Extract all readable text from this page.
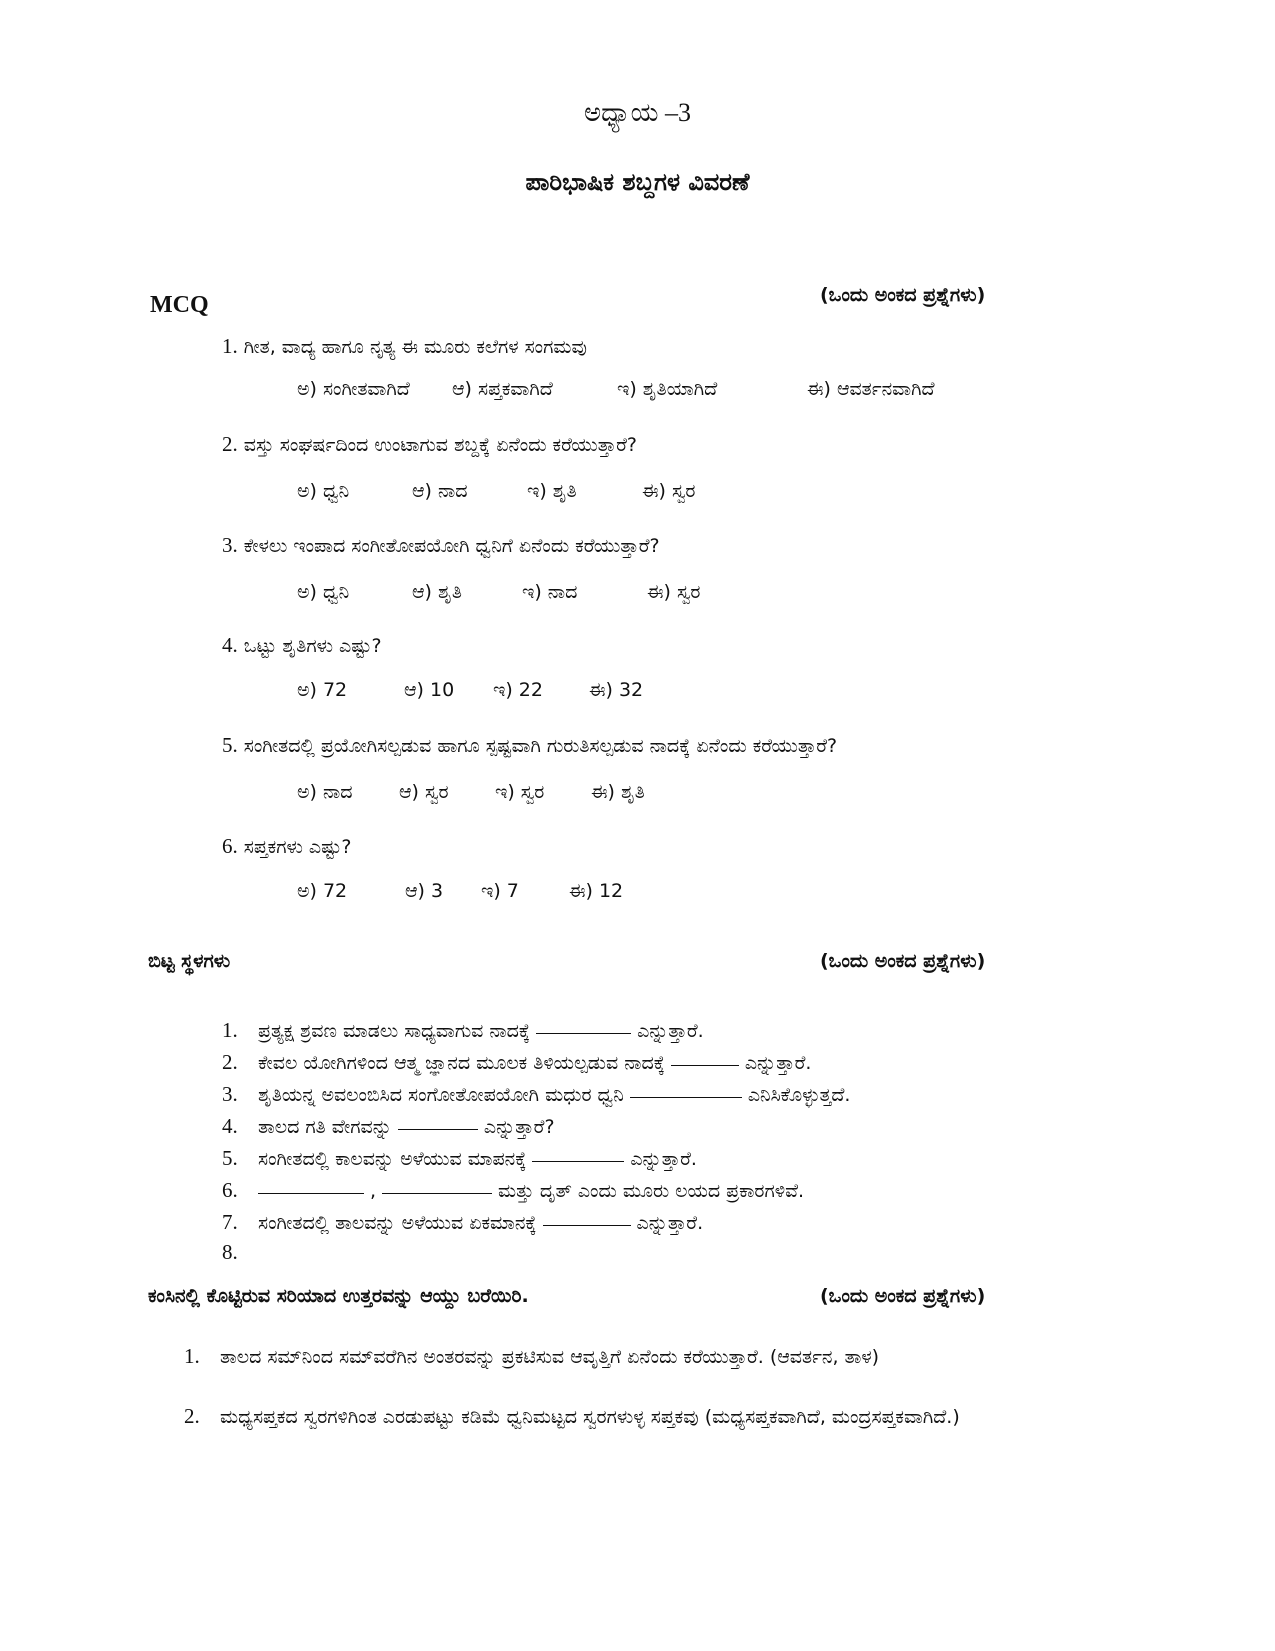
ಅಧ್ಯಾಯ –3
ಪಾರಿಭಾಷಿಕ ಶಬ್ದಗಳ ವಿವರಣೆ
MCQ	(ಒಂದು ಅಂಕದ ಪ್ರಶ್ನೆಗಳು)
1. ಗೀತ, ವಾದ್ಯ ಹಾಗೂ ನೃತ್ಯ ಈ ಮೂರು ಕಲೆಗಳ ಸಂಗಮವು
ಅ) ಸಂಗೀತವಾಗಿದೆ ಆ) ಸಪ್ತಕವಾಗಿದೆ	ಇ) ಶೃತಿಯಾಗಿದೆ	ಈ) ಆವರ್ತನವಾಗಿದೆ
2. ವಸ್ತು ಸಂಘರ್ಷದಿಂದ ಉಂಟಾಗುವ ಶಬ್ದಕ್ಕೆ ಏನೆಂದು ಕರೆಯುತ್ತಾರೆ?
ಅ) ಧ್ವನಿ	ಆ) ನಾದ	ಇ) ಶೃತಿ	ಈ) ಸ್ವರ
3. ಕೇಳಲು ಇಂಪಾದ ಸಂಗೀತೋಪಯೋಗಿ ಧ್ವನಿಗೆ ಏನೆಂದು ಕರೆಯುತ್ತಾರೆ?
ಅ) ಧ್ವನಿ	ಆ) ಶೃತಿ	ಇ) ನಾದ	ಈ) ಸ್ವರ
4. ಒಟ್ಟು ಶೃತಿಗಳು ಎಷ್ಟು?
ಅ) 72	ಆ) 10 ಇ) 22 ಈ) 32
5. ಸಂಗೀತದಲ್ಲಿ ಪ್ರಯೋಗಿಸಲ್ಪಡುವ ಹಾಗೂ ಸ್ಪಷ್ಟವಾಗಿ ಗುರುತಿಸಲ್ಪಡುವ ನಾದಕ್ಕೆ ಏನೆಂದು ಕರೆಯುತ್ತಾರೆ?
ಅ) ನಾದ ಆ) ಸ್ವರ ಇ) ಸ್ವರ ಈ) ಶೃತಿ
6. ಸಪ್ತಕಗಳು ಎಷ್ಟು?
ಅ) 72	ಆ) 3 ಇ) 7	ಈ) 12
ಬಿಟ್ಟ ಸ್ಥಳಗಳು	(ಒಂದು ಅಂಕದ ಪ್ರಶ್ನೆಗಳು)
1. ಪ್ರತ್ಯಕ್ಷ ಶ್ರವಣ ಮಾಡಲು ಸಾಧ್ಯವಾಗುವ ನಾದಕ್ಕೆ	ಎನ್ನುತ್ತಾರೆ.
2. ಕೇವಲ ಯೋಗಿಗಳಿಂದ ಆತ್ಮ ಜ್ಞಾನದ ಮೂಲಕ ತಿಳಿಯಲ್ಪಡುವ ನಾದಕ್ಕೆ	ಎನ್ನುತ್ತಾರೆ.
3. ಶೃತಿಯನ್ನ ಅವಲಂಬಿಸಿದ ಸಂಗೋತೋಪಯೋಗಿ ಮಧುರ ಧ್ವನಿ	ಎನಿಸಿಕೊಳ್ಳುತ್ತದೆ.
4. ತಾಲದ ಗತಿ ವೇಗವನ್ನು	ಎನ್ನುತ್ತಾರೆ?
5. ಸಂಗೀತದಲ್ಲಿ ಕಾಲವನ್ನು ಅಳೆಯುವ ಮಾಪನಕ್ಕೆ	ಎನ್ನುತ್ತಾರೆ.
6.	,	ಮತ್ತು ದೃತ್ ಎಂದು ಮೂರು ಲಯದ ಪ್ರಕಾರಗಳಿವೆ.
7. ಸಂಗೀತದಲ್ಲಿ ತಾಲವನ್ನು ಅಳೆಯುವ ಏಕಮಾನಕ್ಕೆ	ಎನ್ನುತ್ತಾರೆ.
8.
ಕಂಸಿನಲ್ಲಿ ಕೊಟ್ಟಿರುವ ಸರಿಯಾದ ಉತ್ತರವನ್ನು ಆಯ್ದು ಬರೆಯಿರಿ.	(ಒಂದು ಅಂಕದ ಪ್ರಶ್ನೆಗಳು)
1. ತಾಲದ ಸಮ್‌ನಿಂದ ಸಮ್‌ವರೆಗಿನ ಅಂತರವನ್ನು ಪ್ರಕಟಿಸುವ ಆವೃತ್ತಿಗೆ ಏನೆಂದು ಕರೆಯುತ್ತಾರೆ. (ಆವರ್ತನ, ತಾಳ)
2.	ಮಧ್ಯಸಪ್ತಕದ ಸ್ವರಗಳಿಗಿಂತ ಎರಡುಪಟ್ಟು ಕಡಿಮೆ ಧ್ವನಿಮಟ್ಟದ ಸ್ವರಗಳುಳ್ಳ ಸಪ್ತಕವು (ಮಧ್ಯಸಪ್ತಕವಾಗಿದೆ, ಮಂದ್ರಸಪ್ತಕವಾಗಿದೆ.)
